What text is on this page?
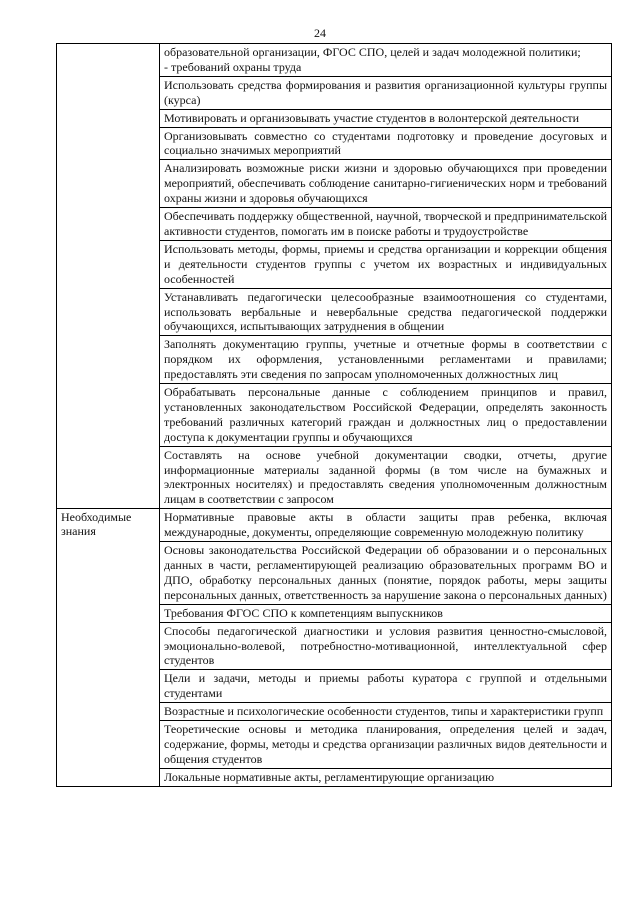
24

	образовательной организации, ФГОС СПО, целей и задач молодежной политики;
- требований охраны труда

	Использовать средства формирования и развития организационной культуры группы (курса)

	Мотивировать и организовывать участие студентов в волонтерской деятельности

	Организовывать совместно со студентами подготовку и проведение досуговых и социально значимых мероприятий

	Анализировать возможные риски жизни и здоровью обучающихся при проведении мероприятий, обеспечивать соблюдение санитарно-гигиенических норм и требований охраны жизни и здоровья обучающихся

	Обеспечивать поддержку общественной, научной, творческой и предпринимательской активности студентов, помогать им в поиске работы и трудоустройстве

	Использовать методы, формы, приемы и средства организации и коррекции общения и деятельности студентов группы с учетом их возрастных и индивидуальных особенностей

	Устанавливать педагогически целесообразные взаимоотношения со студентами, использовать вербальные и невербальные средства педагогической поддержки обучающихся, испытывающих затруднения в общении

	Заполнять документацию группы, учетные и отчетные формы в соответствии с порядком их оформления, установленными регламентами и правилами; предоставлять эти сведения по запросам уполномоченных должностных лиц

	Обрабатывать персональные данные с соблюдением принципов и правил, установленных законодательством Российской Федерации, определять законность требований различных категорий граждан и должностных лиц о предоставлении доступа к документации группы и обучающихся

	Составлять на основе учебной документации сводки, отчеты, другие информационные материалы заданной формы (в том числе на бумажных и электронных носителях) и предоставлять сведения уполномоченным должностным лицам в соответствии с запросом

Необходимые знания	Нормативные правовые акты в области защиты прав ребенка, включая международные, документы, определяющие современную молодежную политику

	Основы законодательства Российской Федерации об образовании и о персональных данных в части, регламентирующей реализацию образовательных программ ВО и ДПО, обработку персональных данных (понятие, порядок работы, меры защиты персональных данных, ответственность за нарушение закона о персональных данных)

	Требования ФГОС СПО к компетенциям выпускников

	Способы педагогической диагностики и условия развития ценностно-смысловой, эмоционально-волевой, потребностно-мотивационной, интеллектуальной сфер студентов

	Цели и задачи, методы и приемы работы куратора с группой и отдельными студентами

	Возрастные и психологические особенности студентов, типы и характеристики групп

	Теоретические основы и методика планирования, определения целей и задач, содержание, формы, методы и средства организации различных видов деятельности и общения студентов

	Локальные нормативные акты, регламентирующие организацию
